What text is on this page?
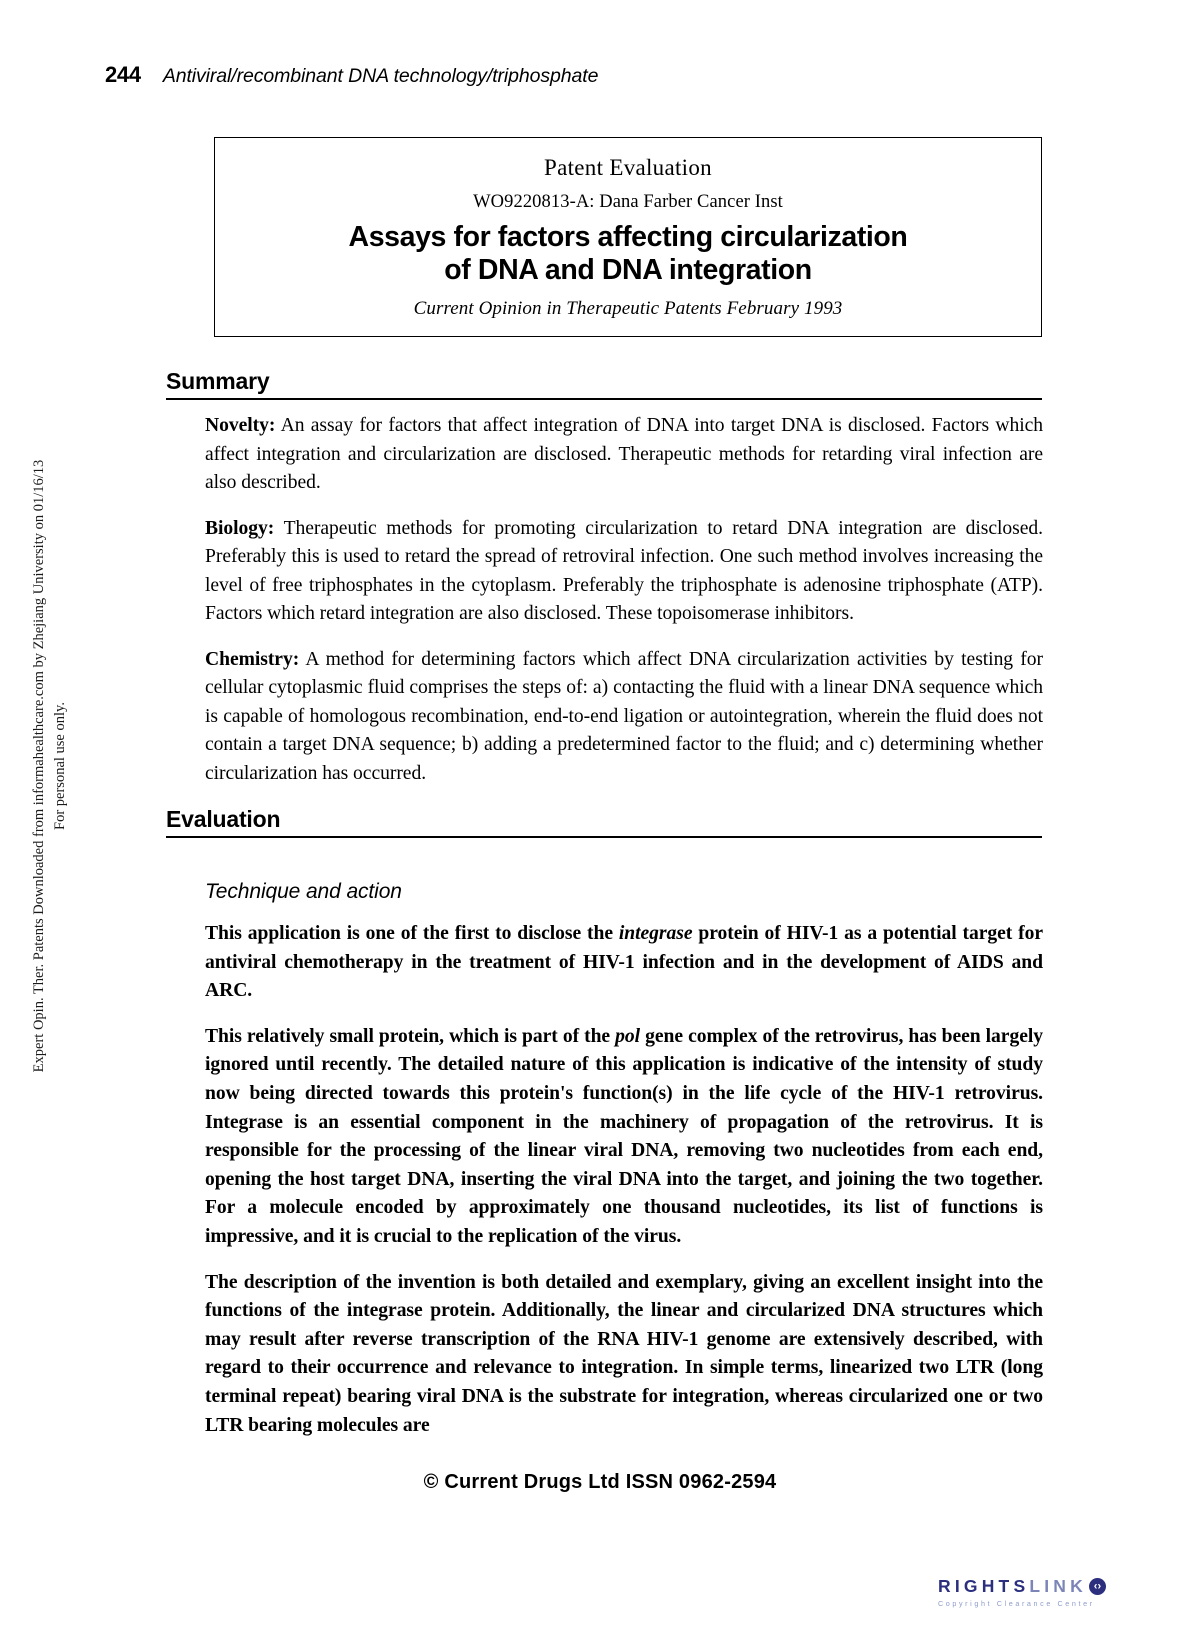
244 Antiviral/recombinant DNA technology/triphosphate
Expert Opin. Ther. Patents Downloaded from informahealthcare.com by Zhejiang University on 01/16/13 For personal use only.
Patent Evaluation
WO9220813-A: Dana Farber Cancer Inst
Assays for factors affecting circularization
of DNA and DNA integration
Current Opinion in Therapeutic Patents February 1993
Summary

Novelty: An assay for factors that affect integration of DNA into target DNA is disclosed. Factors which affect integration and circularization are disclosed. Therapeutic methods for retarding viral infection are also described.

Biology: Therapeutic methods for promoting circularization to retard DNA integration are disclosed. Preferably this is used to retard the spread of retroviral infection. One such method involves increasing the level of free triphosphates in the cytoplasm. Preferably the triphosphate is adenosine triphosphate (ATP). Factors which retard integration are also disclosed. These topoisomerase inhibitors.

Chemistry: A method for determining factors which affect DNA circularization activities by testing for cellular cytoplasmic fluid comprises the steps of: a) contacting the fluid with a linear DNA sequence which is capable of homologous recombination, end-to-end ligation or autointegration, wherein the fluid does not contain a target DNA sequence; b) adding a predetermined factor to the fluid; and c) determining whether circularization has occurred.

Evaluation
Technique and action

This application is one of the first to disclose the integrase protein of HIV-1 as a potential target for antiviral chemotherapy in the treatment of HIV-1 infection and in the development of AIDS and ARC.

This relatively small protein, which is part of the pol gene complex of the retrovirus, has been largely ignored until recently. The detailed nature of this application is indicative of the intensity of study now being directed towards this protein's function(s) in the life cycle of the HIV-1 retrovirus. Integrase is an essential component in the machinery of propagation of the retrovirus. It is responsible for the processing of the linear viral DNA, removing two nucleotides from each end, opening the host target DNA, inserting the viral DNA into the target, and joining the two together. For a molecule encoded by approximately one thousand nucleotides, its list of functions is impressive, and it is crucial to the replication of the virus.

The description of the invention is both detailed and exemplary, giving an excellent insight into the functions of the integrase protein. Additionally, the linear and circularized DNA structures which may result after reverse transcription of the RNA HIV-1 genome are extensively described, with regard to their occurrence and relevance to integration. In simple terms, linearized two LTR (long terminal repeat) bearing viral DNA is the substrate for integration, whereas circularized one or two LTR bearing molecules are

© Current Drugs Ltd ISSN 0962-2594
RIGHTS LINK
‹›
Copyright Clearance Center
